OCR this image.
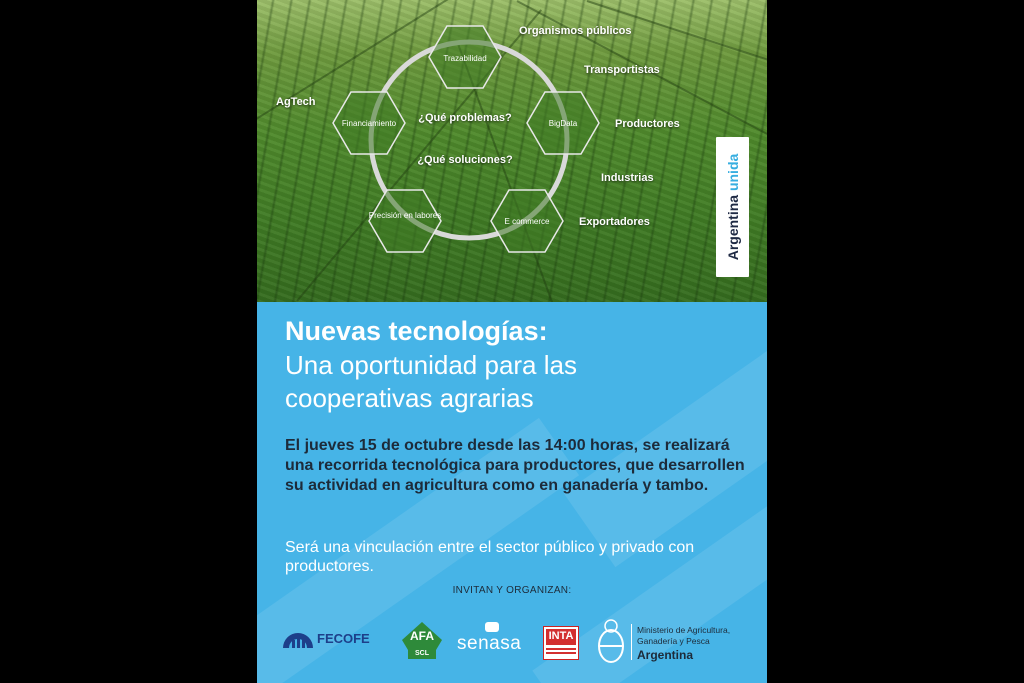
Trazabilidad
BigData
E commerce
Precisión en labores
Financiamiento ¿Qué problemas?
¿Qué soluciones?
AgTech
Organismos públicos
Transportistas
Productores
Industrias
Exportadores	Argentina unida
Nuevas tecnologías:
Una oportunidad para las cooperativas agrarias
El jueves 15 de octubre desde las 14:00 horas, se realizará una recorrida tecnológica para productores, que desarrollen su actividad en agricultura como en ganadería y tambo.
Será una vinculación entre el sector público y privado con productores.
INVITAN Y ORGANIZAN:
FECOFE	AFA
SCL	senasa	INTA	Ministerio de Agricultura,
Ganadería y Pesca
Argentina
